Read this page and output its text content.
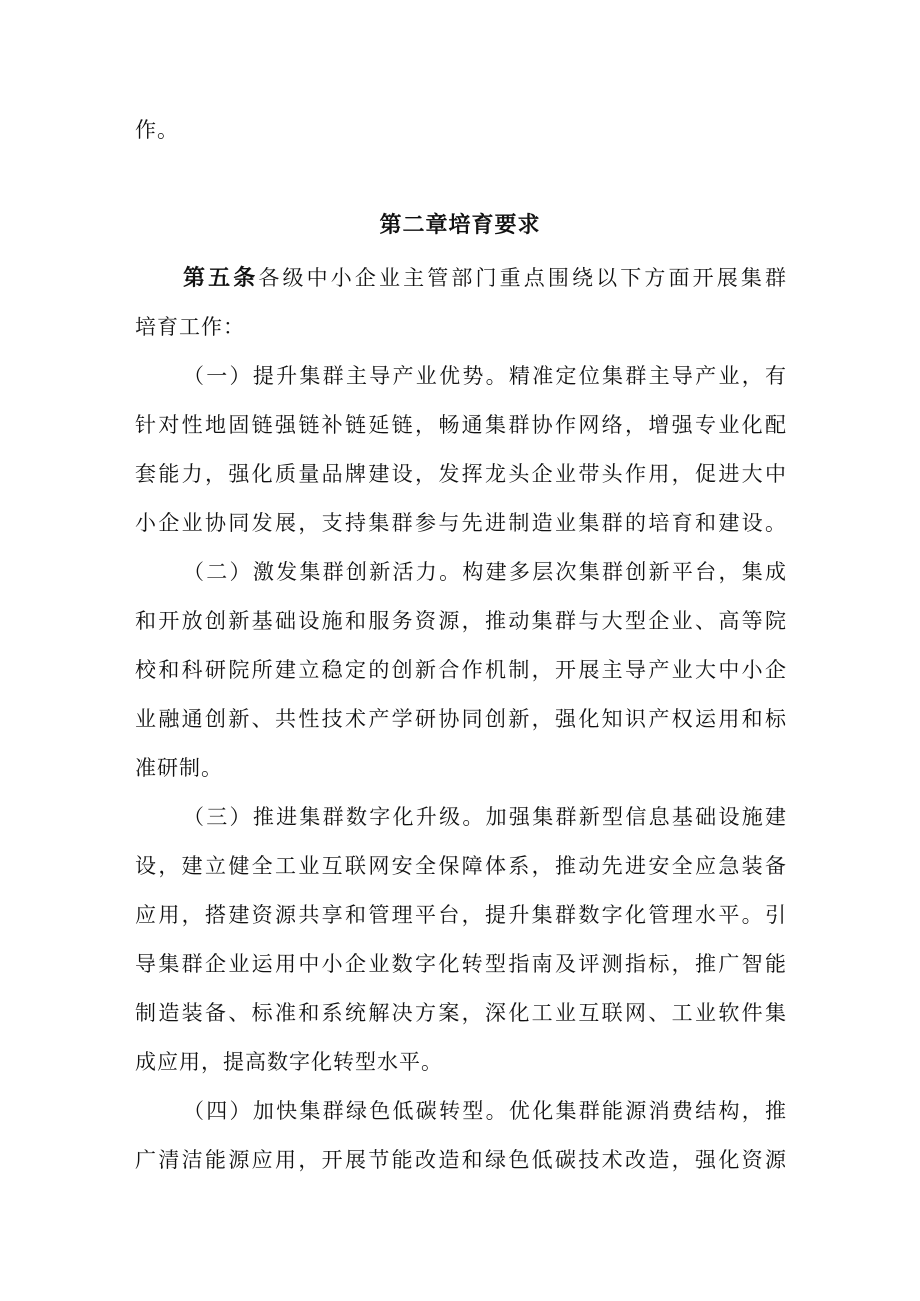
作。
第二章培育要求
第五条各级中小企业主管部门重点围绕以下方面开展集群
培育工作：
（一）提升集群主导产业优势。精准定位集群主导产业，有
针对性地固链强链补链延链，畅通集群协作网络，增强专业化配
套能力，强化质量品牌建设，发挥龙头企业带头作用，促进大中
小企业协同发展，支持集群参与先进制造业集群的培育和建设。
（二）激发集群创新活力。构建多层次集群创新平台，集成
和开放创新基础设施和服务资源，推动集群与大型企业、高等院
校和科研院所建立稳定的创新合作机制，开展主导产业大中小企
业融通创新、共性技术产学研协同创新，强化知识产权运用和标
准研制。
（三）推进集群数字化升级。加强集群新型信息基础设施建
设，建立健全工业互联网安全保障体系，推动先进安全应急装备
应用，搭建资源共享和管理平台，提升集群数字化管理水平。引
导集群企业运用中小企业数字化转型指南及评测指标，推广智能
制造装备、标准和系统解决方案，深化工业互联网、工业软件集
成应用，提高数字化转型水平。
（四）加快集群绿色低碳转型。优化集群能源消费结构，推
广清洁能源应用，开展节能改造和绿色低碳技术改造，强化资源
